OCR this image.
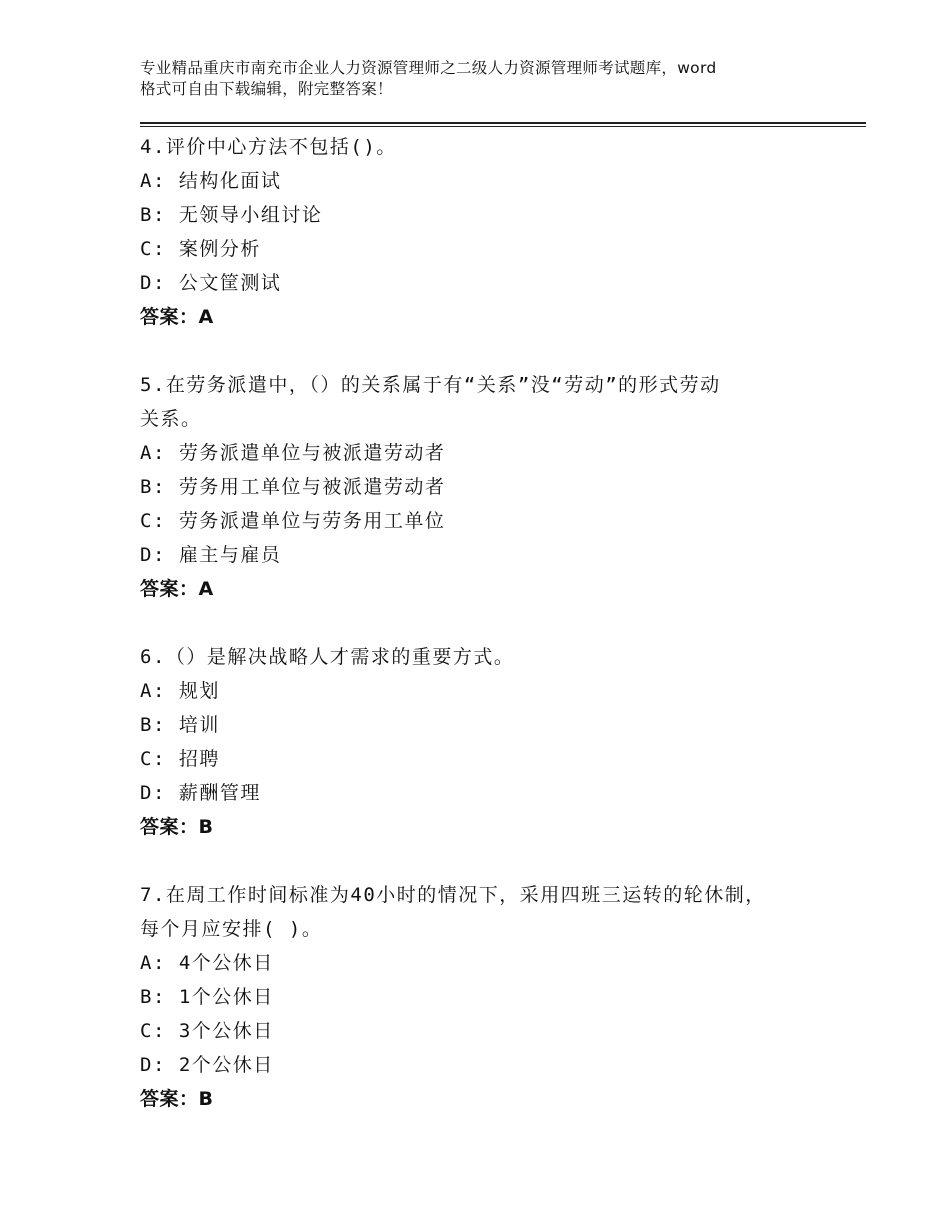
专业精品重庆市南充市企业人力资源管理师之二级人力资源管理师考试题库，word
格式可自由下载编辑，附完整答案！
4.评价中心方法不包括()。
A: 结构化面试
B: 无领导小组讨论
C: 案例分析
D: 公文筐测试
答案：A
5.在劳务派遣中，（）的关系属于有“关系”没“劳动”的形式劳动
关系。
A: 劳务派遣单位与被派遣劳动者
B: 劳务用工单位与被派遣劳动者
C: 劳务派遣单位与劳务用工单位
D: 雇主与雇员
答案：A
6.（）是解决战略人才需求的重要方式。
A: 规划
B: 培训
C: 招聘
D: 薪酬管理
答案：B
7.在周工作时间标准为40小时的情况下，采用四班三运转的轮休制，
每个月应安排( )。
A: 4个公休日
B: 1个公休日
C: 3个公休日
D: 2个公休日
答案：B
